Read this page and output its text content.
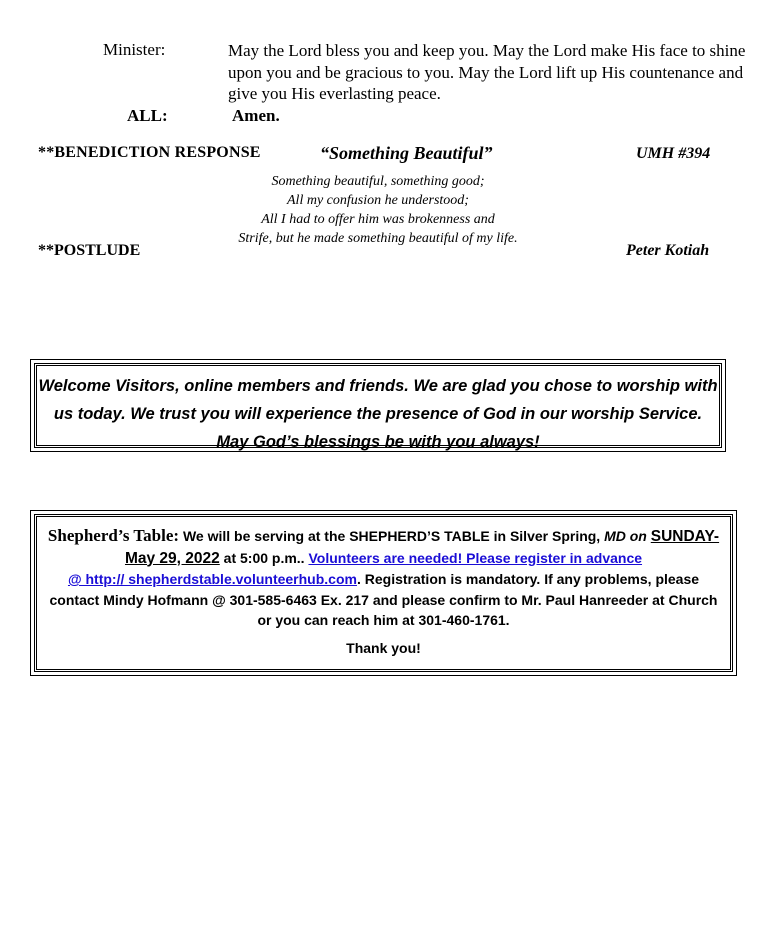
Minister:	May the Lord bless you and keep you. May the Lord make His face to shine upon you and be gracious to you. May the Lord lift up His countenance and give you His everlasting peace.
ALL:	Amen.
**BENEDICTION RESPONSE	“Something Beautiful”	UMH #394
Something beautiful, something good;
All my confusion he understood;
All I had to offer him was brokenness and
Strife, but he made something beautiful of my life.
**POSTLUDE	Peter Kotiah
Welcome Visitors, online members and friends. We are glad you chose to worship with
us today. We trust you will experience the presence of God in our worship Service.
May God’s blessings be with you always!
Shepherd’s Table: We will be serving at the SHEPHERD’S TABLE in Silver Spring, MD on SUNDAY- May 29, 2022 at 5:00 p.m.. Volunteers are needed! Please register in advance
@ http:// shepherdstable.volunteerhub.com. Registration is mandatory. If any problems, please contact Mindy Hofmann @ 301-585-6463 Ex. 217 and please confirm to Mr. Paul Hanreeder at Church or you can reach him at 301-460-1761.
Thank you!
